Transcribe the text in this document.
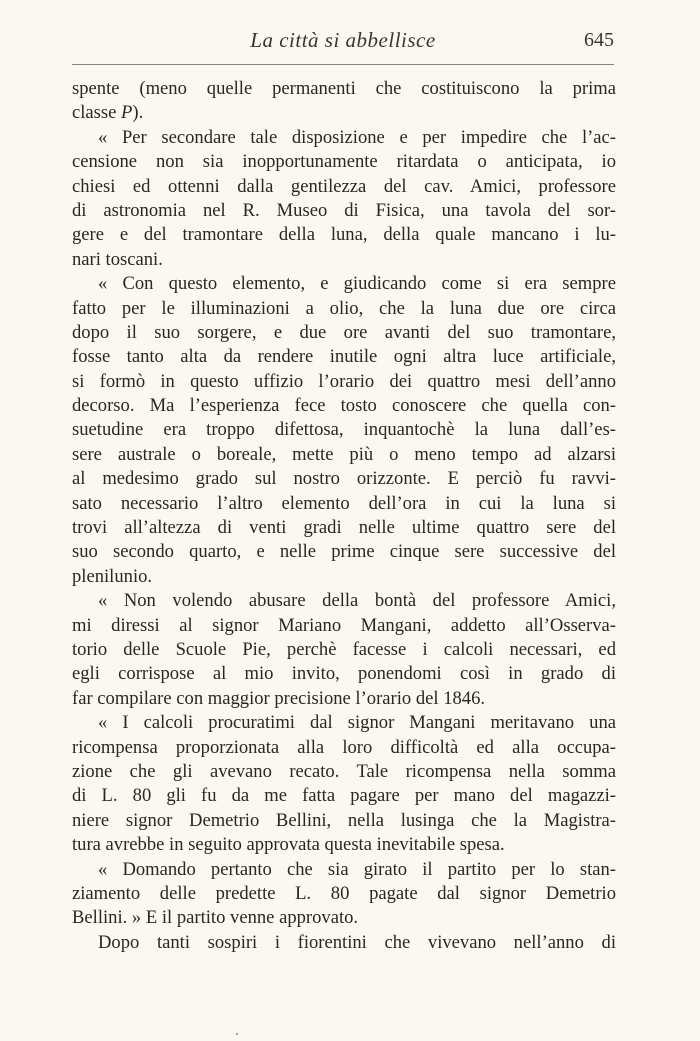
La città si abbellisce	645
spente (meno quelle permanenti che costituiscono la prima
classe P).
« Per secondare tale disposizione e per impedire che l’ac-
censione non sia inopportunamente ritardata o anticipata, io
chiesi ed ottenni dalla gentilezza del cav. Amici, professore
di astronomia nel R. Museo di Fisica, una tavola del sor-
gere e del tramontare della luna, della quale mancano i lu-
nari toscani.
« Con questo elemento, e giudicando come si era sempre
fatto per le illuminazioni a olio, che la luna due ore circa
dopo il suo sorgere, e due ore avanti del suo tramontare,
fosse tanto alta da rendere inutile ogni altra luce artificiale,
si formò in questo uffizio l’orario dei quattro mesi dell’anno
decorso. Ma l’esperienza fece tosto conoscere che quella con-
suetudine era troppo difettosa, inquantochè la luna dall’es-
sere australe o boreale, mette più o meno tempo ad alzarsi
al medesimo grado sul nostro orizzonte. E perciò fu ravvi-
sato necessario l’altro elemento dell’ora in cui la luna si
trovi all’altezza di venti gradi nelle ultime quattro sere del
suo secondo quarto, e nelle prime cinque sere successive del
plenilunio.
« Non volendo abusare della bontà del professore Amici,
mi diressi al signor Mariano Mangani, addetto all’Osserva-
torio delle Scuole Pie, perchè facesse i calcoli necessari, ed
egli corrispose al mio invito, ponendomi così in grado di
far compilare con maggior precisione l’orario del 1846.
« I calcoli procuratimi dal signor Mangani meritavano una
ricompensa proporzionata alla loro difficoltà ed alla occupa-
zione che gli avevano recato. Tale ricompensa nella somma
di L. 80 gli fu da me fatta pagare per mano del magazzi-
niere signor Demetrio Bellini, nella lusinga che la Magistra-
tura avrebbe in seguito approvata questa inevitabile spesa.
« Domando pertanto che sia girato il partito per lo stan-
ziamento delle predette L. 80 pagate dal signor Demetrio
Bellini. » E il partito venne approvato.
Dopo tanti sospiri i fiorentini che vivevano nell’anno di
